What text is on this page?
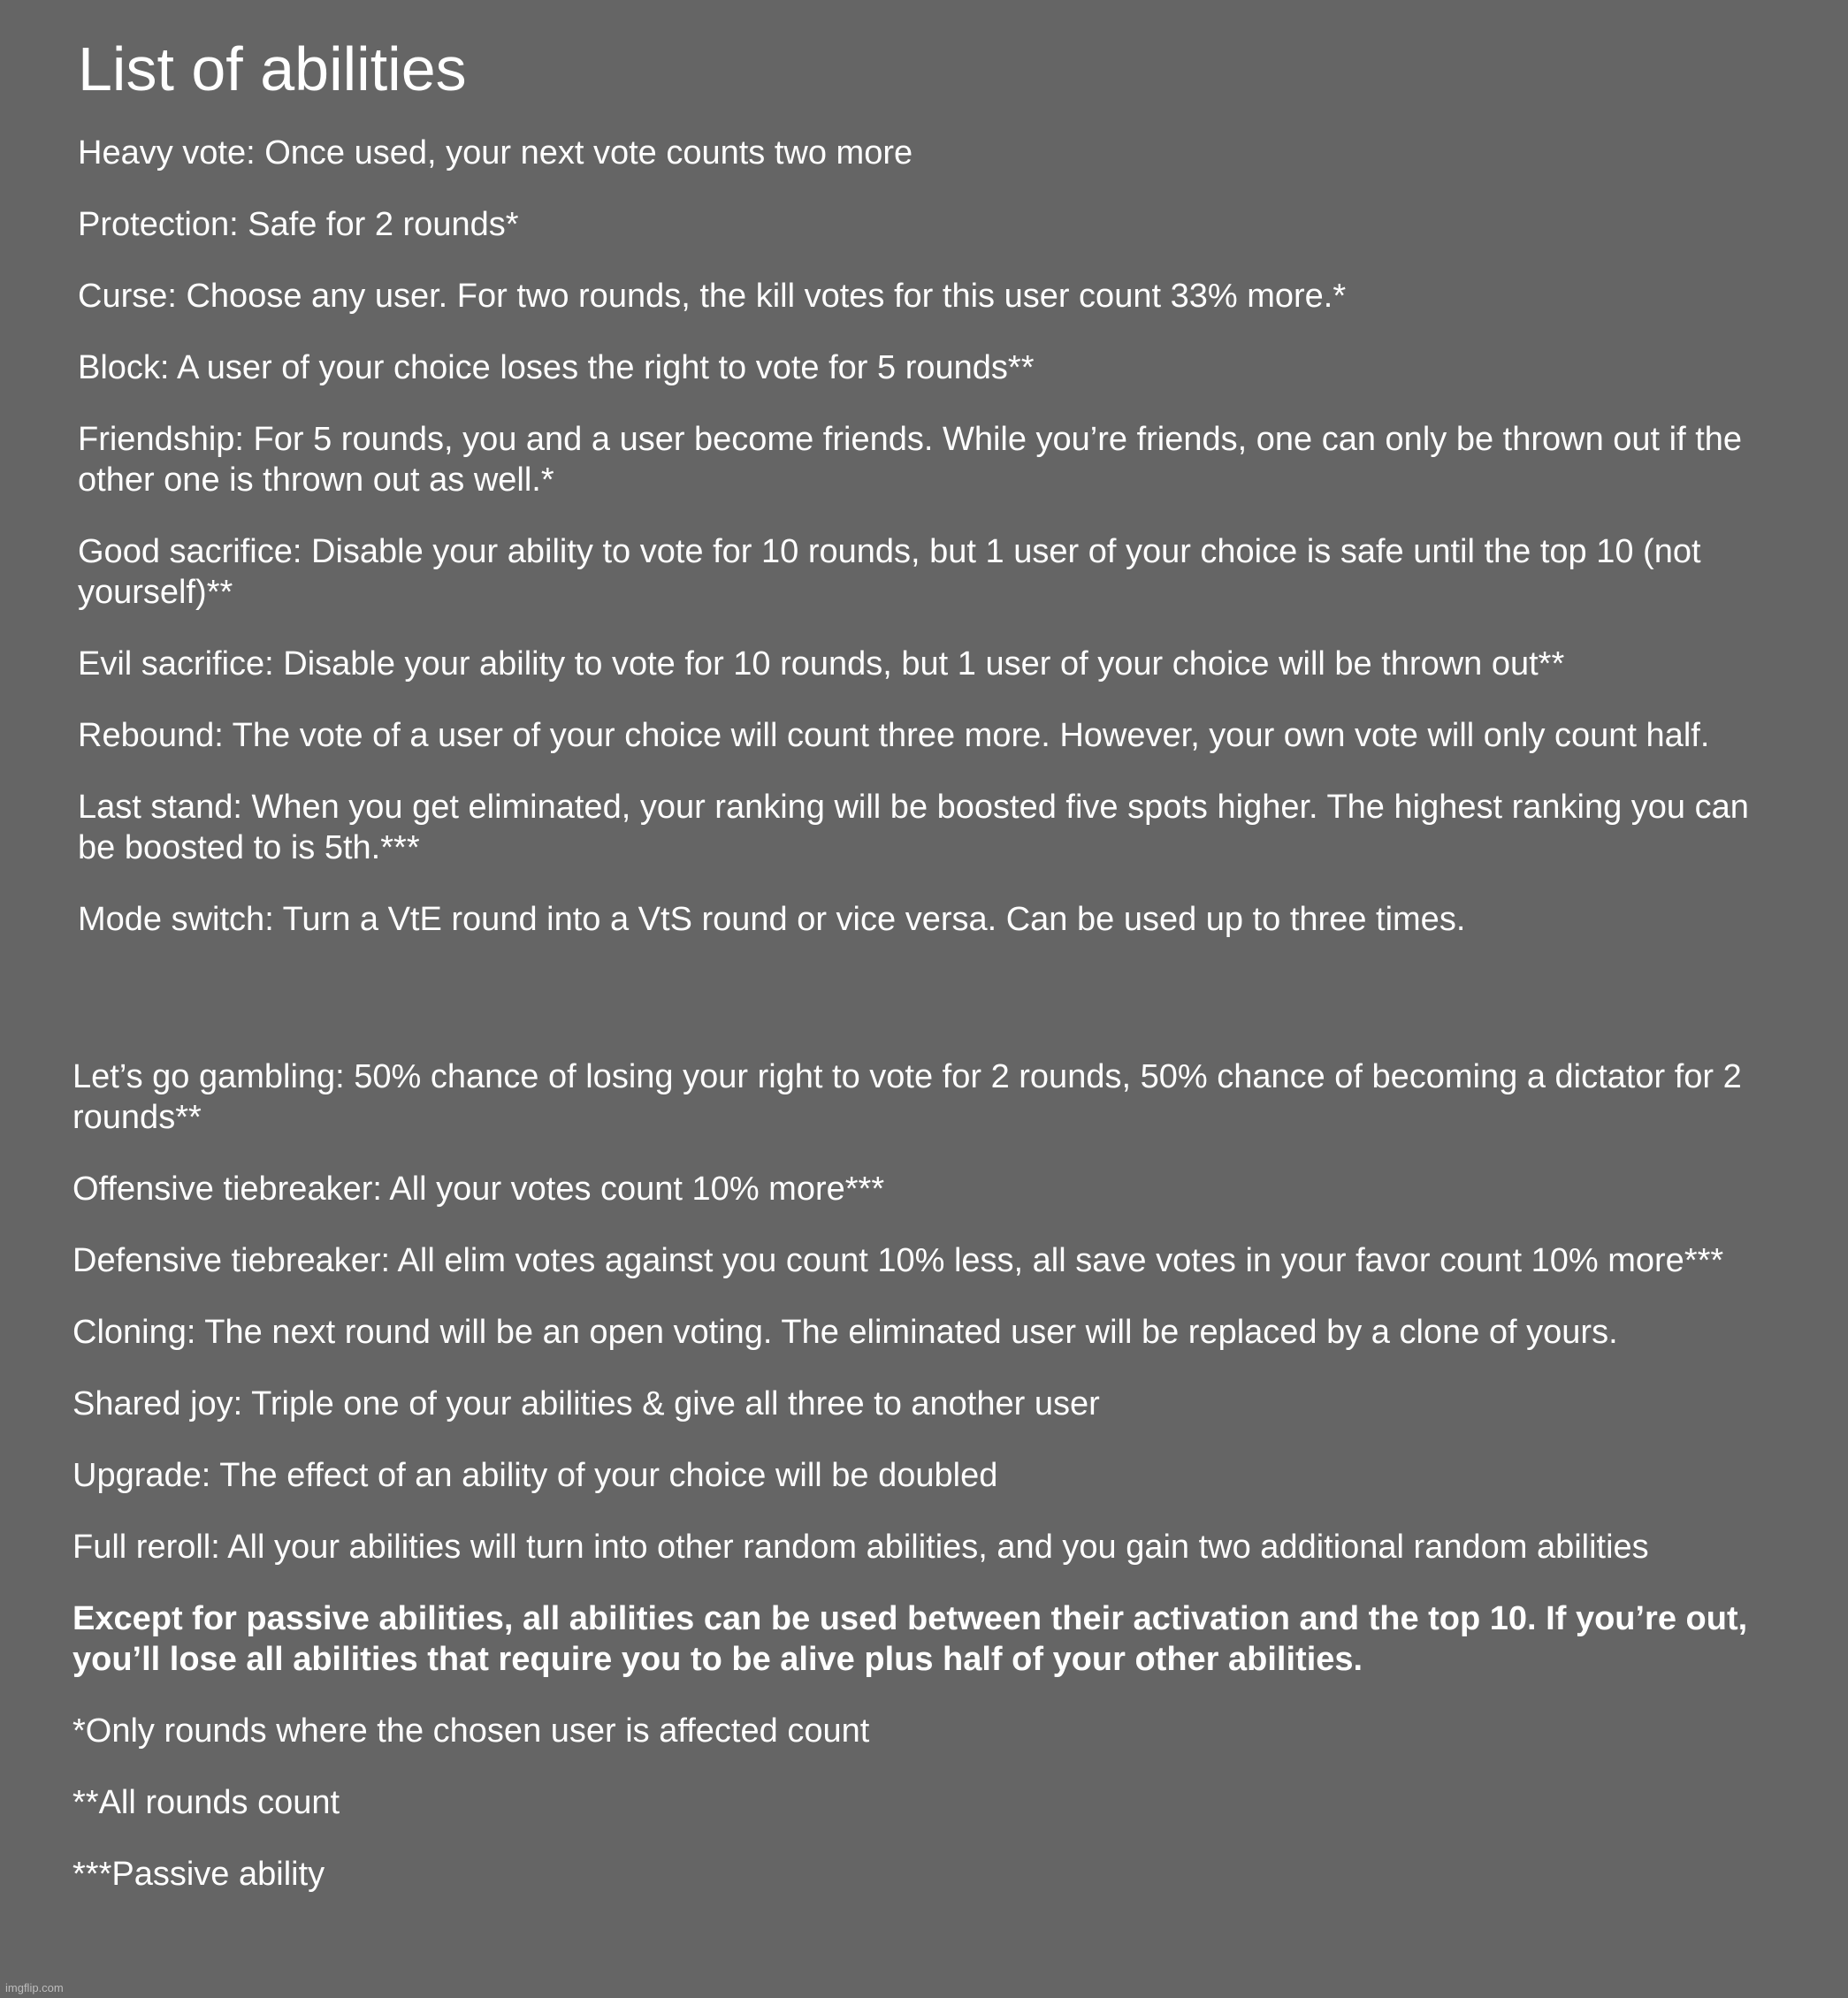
List of abilities

Heavy vote: Once used, your next vote counts two more

Protection: Safe for 2 rounds*

Curse: Choose any user. For two rounds, the kill votes for this user count 33% more.*

Block: A user of your choice loses the right to vote for 5 rounds**

Friendship: For 5 rounds, you and a user become friends. While you’re friends, one can only be thrown out if the other one is thrown out as well.*

Good sacrifice: Disable your ability to vote for 10 rounds, but 1 user of your choice is safe until the top 10 (not yourself)**

Evil sacrifice: Disable your ability to vote for 10 rounds, but 1 user of your choice will be thrown out**

Rebound: The vote of a user of your choice will count three more. However, your own vote will only count half.

Last stand: When you get eliminated, your ranking will be boosted five spots higher. The highest ranking you can be boosted to is 5th.***

Mode switch: Turn a VtE round into a VtS round or vice versa. Can be used up to three times.

Let’s go gambling: 50% chance of losing your right to vote for 2 rounds, 50% chance of becoming a dictator for 2 rounds**

Offensive tiebreaker: All your votes count 10% more***

Defensive tiebreaker: All elim votes against you count 10% less, all save votes in your favor count 10% more***

Cloning: The next round will be an open voting. The eliminated user will be replaced by a clone of yours.

Shared joy: Triple one of your abilities & give all three to another user

Upgrade: The effect of an ability of your choice will be doubled

Full reroll: All your abilities will turn into other random abilities, and you gain two additional random abilities

Except for passive abilities, all abilities can be used between their activation and the top 10. If you’re out, you’ll lose all abilities that require you to be alive plus half of your other abilities.

*Only rounds where the chosen user is affected count

**All rounds count

***Passive ability

imgflip.com
